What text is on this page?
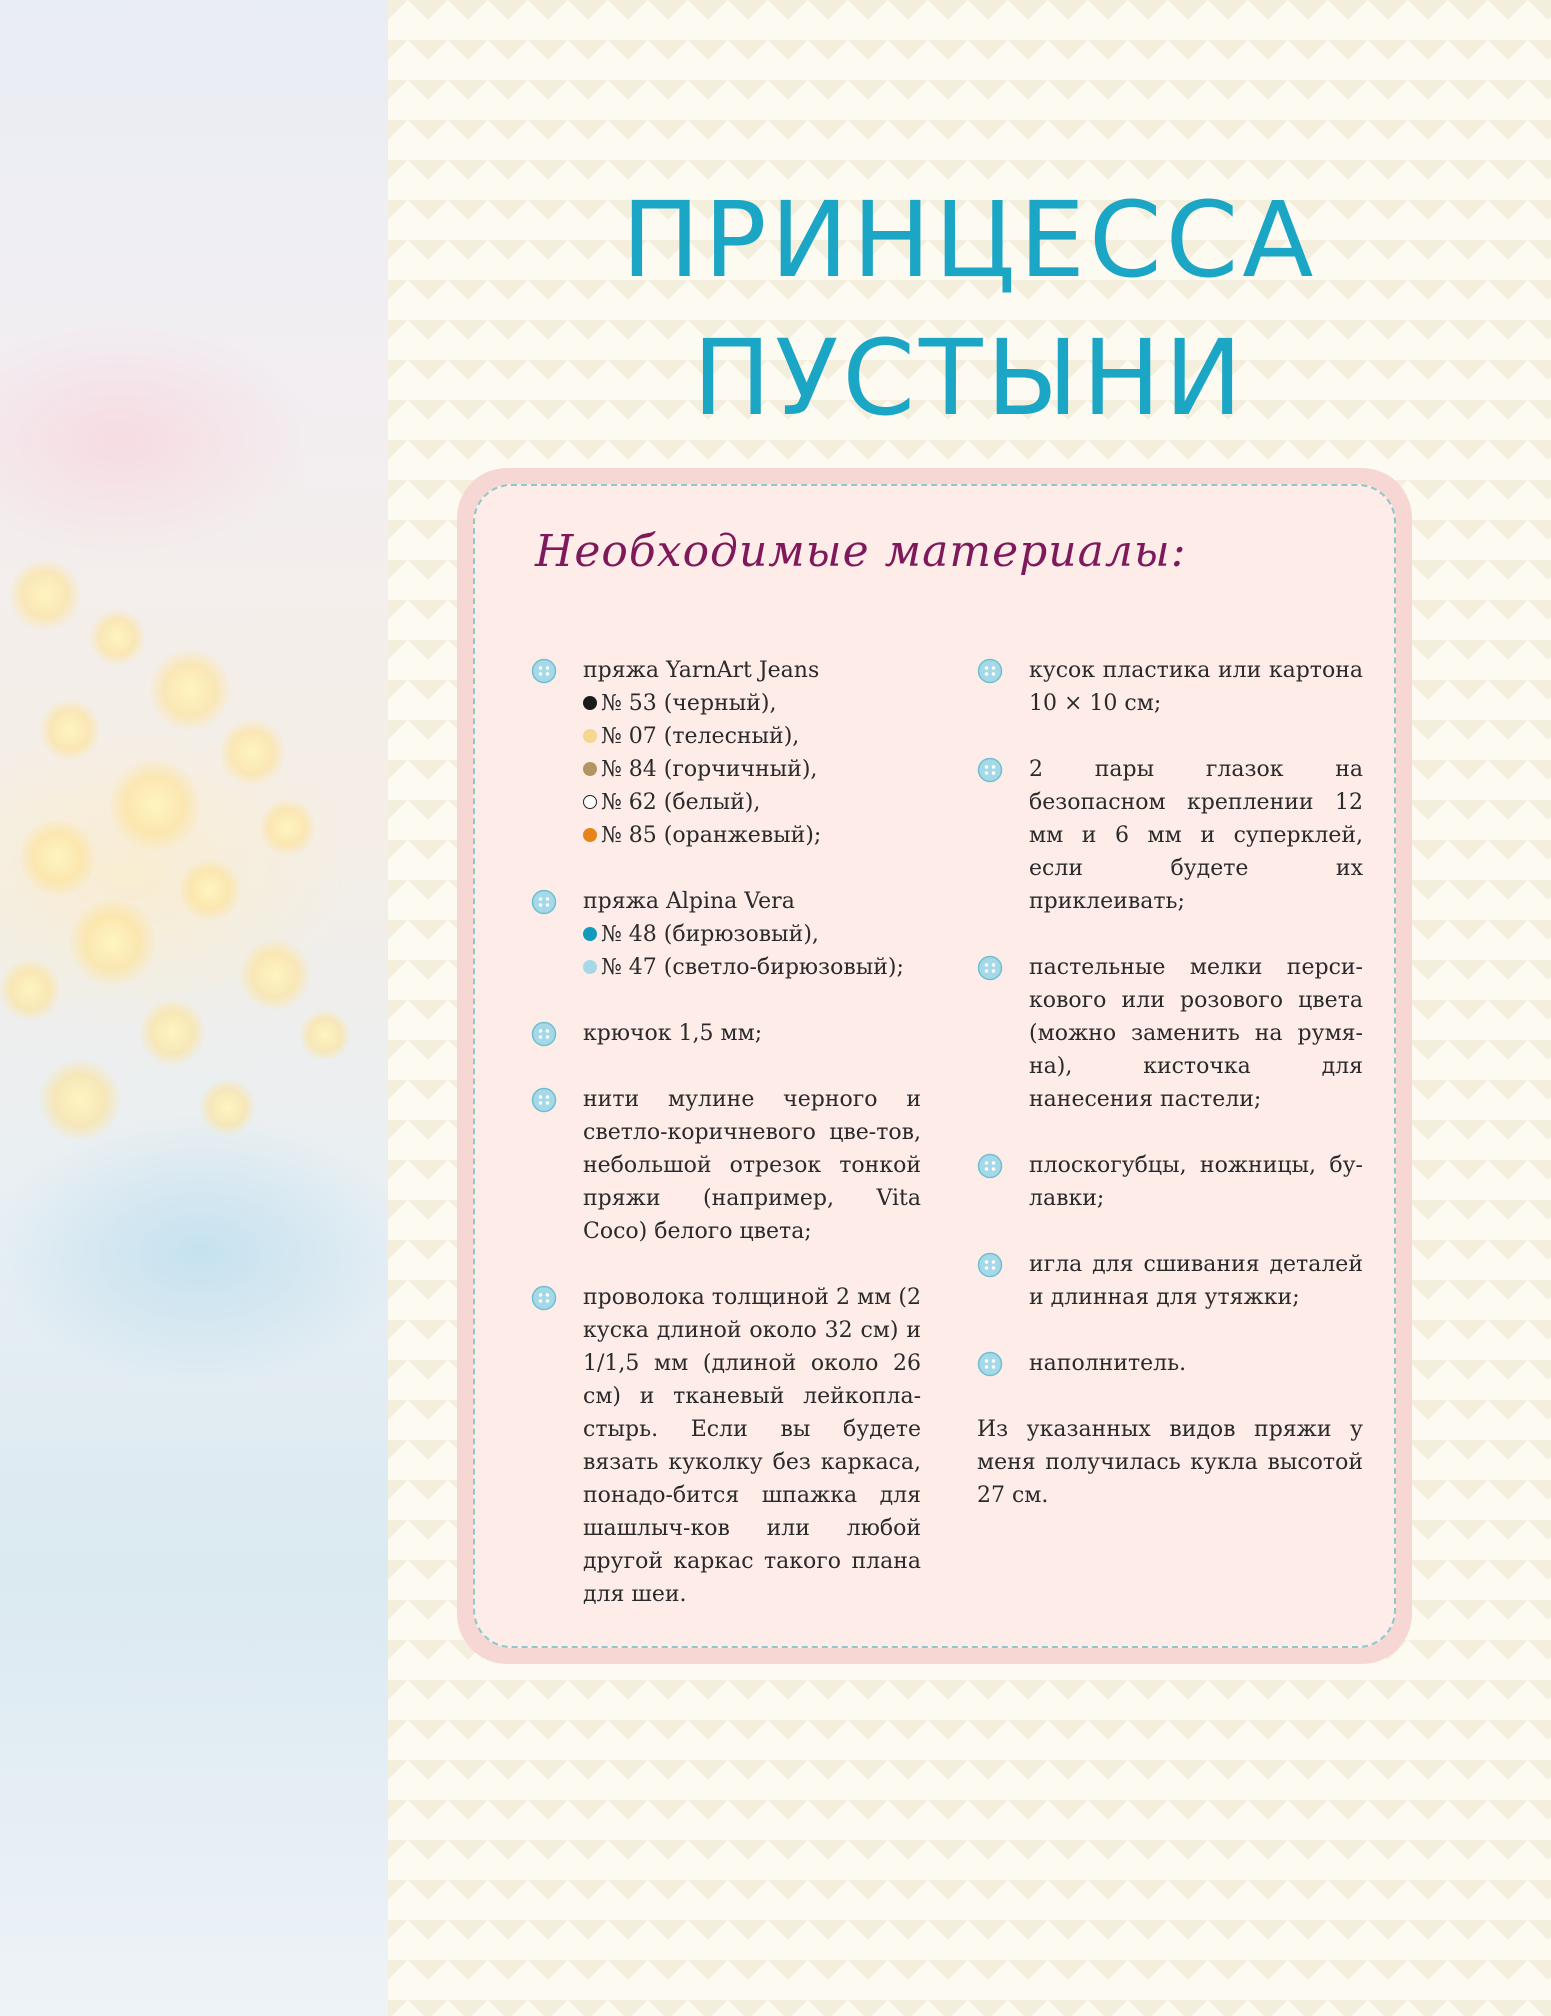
ПРИНЦЕССА
ПУСТЫНИ
Необходимые материалы:
пряжа YarnArt Jeans
№ 53 (черный),
№ 07 (телесный),
№ 84 (горчичный),
№ 62 (белый),
№ 85 (оранжевый);
пряжа Alpina Vera
№ 48 (бирюзовый),
№ 47 (светло-бирюзовый);
крючок 1,5 мм;
нити мулине черного и светло-коричневого цве-тов, небольшой отрезок тонкой пряжи (например, Vita Coco) белого цвета;
проволока толщиной 2 мм (2 куска длиной около 32 см) и 1/1,5 мм (длиной около 26 см) и тканевый лейкопла-стырь. Если вы будете вязать куколку без каркаса, понадо-бится шпажка для шашлыч-ков или любой другой каркас такого плана для шеи.
кусок пластика или картона 10 × 10 см;
2 пары глазок на безопасном креплении 12 мм и 6 мм и суперклей, если будете их приклеивать;
пастельные мелки перси-кового или розового цвета (можно заменить на румя-на), кисточка для нанесения пастели;
плоскогубцы, ножницы, бу-лавки;
игла для сшивания деталей и длинная для утяжки;
наполнитель.

Из указанных видов пряжи у меня получилась кукла высотой 27 см.
